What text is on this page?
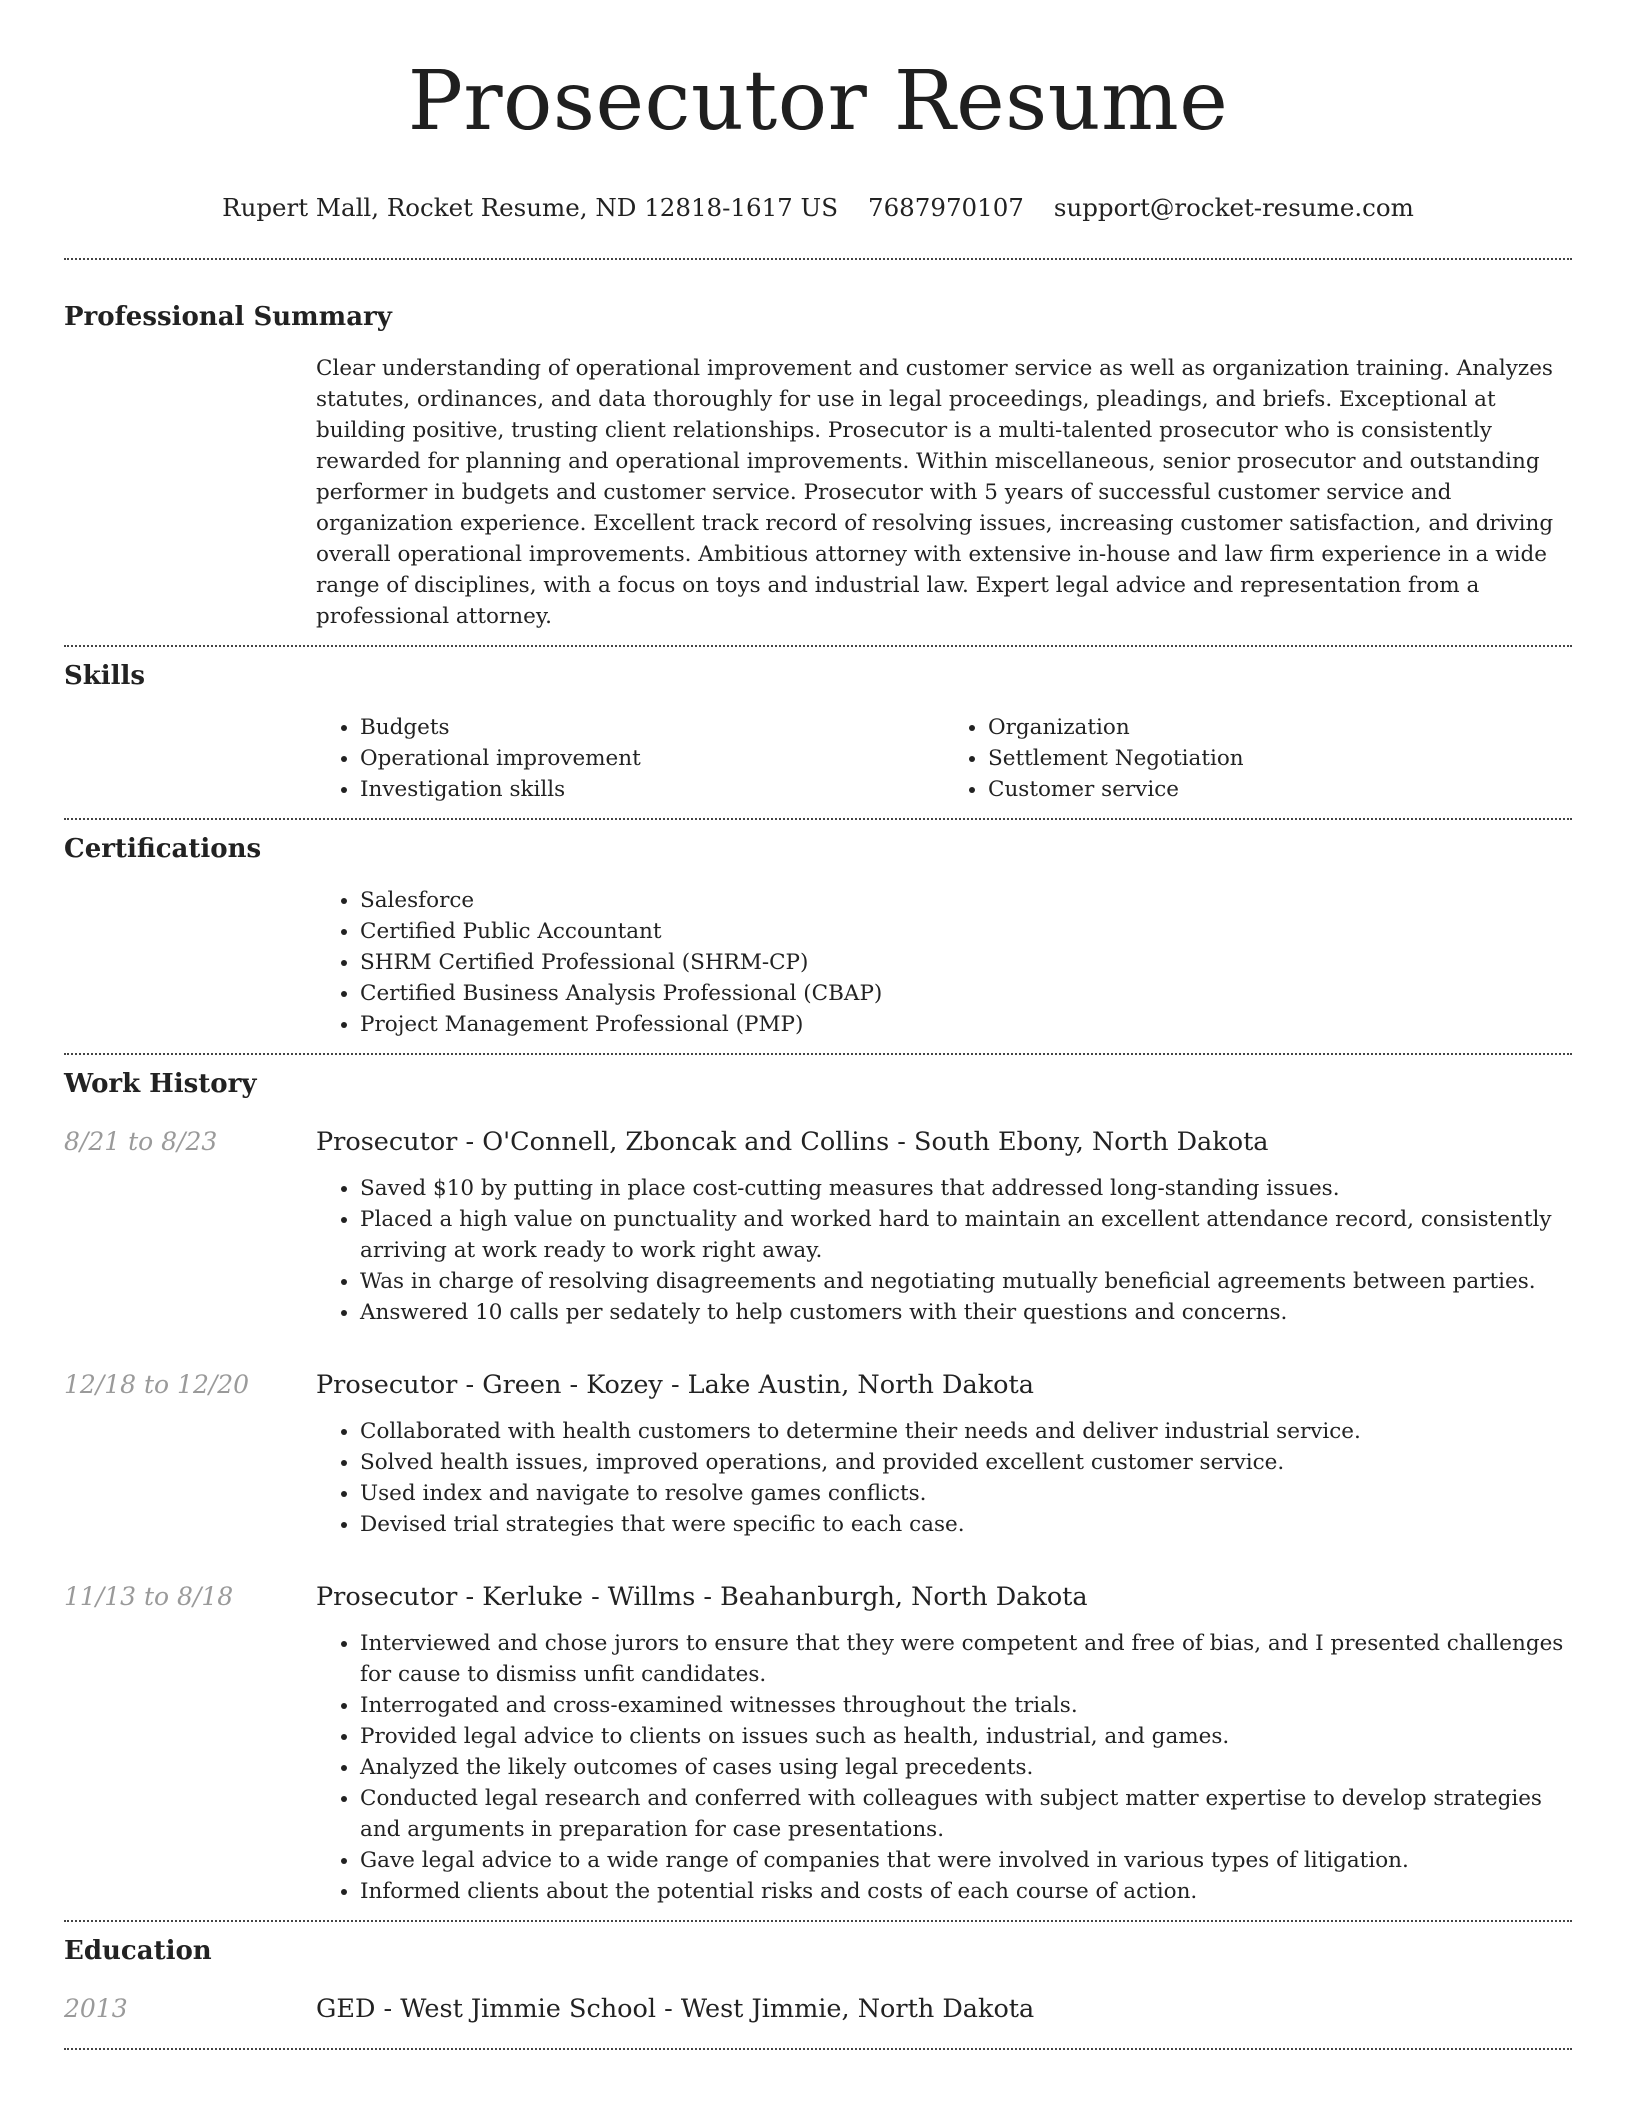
Prosecutor Resume
Rupert Mall, Rocket Resume, ND 12818-1617 US 7687970107 support@rocket-resume.com
Professional Summary
Clear understanding of operational improvement and customer service as well as organization training. Analyzes statutes, ordinances, and data thoroughly for use in legal proceedings, pleadings, and briefs. Exceptional at building positive, trusting client relationships. Prosecutor is a multi-talented prosecutor who is consistently rewarded for planning and operational improvements. Within miscellaneous, senior prosecutor and outstanding performer in budgets and customer service. Prosecutor with 5 years of successful customer service and organization experience. Excellent track record of resolving issues, increasing customer satisfaction, and driving overall operational improvements. Ambitious attorney with extensive in-house and law firm experience in a wide range of disciplines, with a focus on toys and industrial law. Expert legal advice and representation from a professional attorney.
Skills
• Budgets
• Operational improvement
• Investigation skills
• Organization
• Settlement Negotiation
• Customer service
Certifications
• Salesforce
• Certified Public Accountant
• SHRM Certified Professional (SHRM-CP)
• Certified Business Analysis Professional (CBAP)
• Project Management Professional (PMP)
Work History
8/21 to 8/23	Prosecutor - O'Connell, Zboncak and Collins - South Ebony, North Dakota
• Saved $10 by putting in place cost-cutting measures that addressed long-standing issues.
• Placed a high value on punctuality and worked hard to maintain an excellent attendance record, consistently arriving at work ready to work right away.
• Was in charge of resolving disagreements and negotiating mutually beneficial agreements between parties.
• Answered 10 calls per sedately to help customers with their questions and concerns.
12/18 to 12/20	Prosecutor - Green - Kozey - Lake Austin, North Dakota
• Collaborated with health customers to determine their needs and deliver industrial service.
• Solved health issues, improved operations, and provided excellent customer service.
• Used index and navigate to resolve games conflicts.
• Devised trial strategies that were specific to each case.
11/13 to 8/18	Prosecutor - Kerluke - Willms - Beahanburgh, North Dakota
• Interviewed and chose jurors to ensure that they were competent and free of bias, and I presented challenges for cause to dismiss unfit candidates.
• Interrogated and cross-examined witnesses throughout the trials.
• Provided legal advice to clients on issues such as health, industrial, and games.
• Analyzed the likely outcomes of cases using legal precedents.
• Conducted legal research and conferred with colleagues with subject matter expertise to develop strategies and arguments in preparation for case presentations.
• Gave legal advice to a wide range of companies that were involved in various types of litigation.
• Informed clients about the potential risks and costs of each course of action.
Education
2013	GED - West Jimmie School - West Jimmie, North Dakota
